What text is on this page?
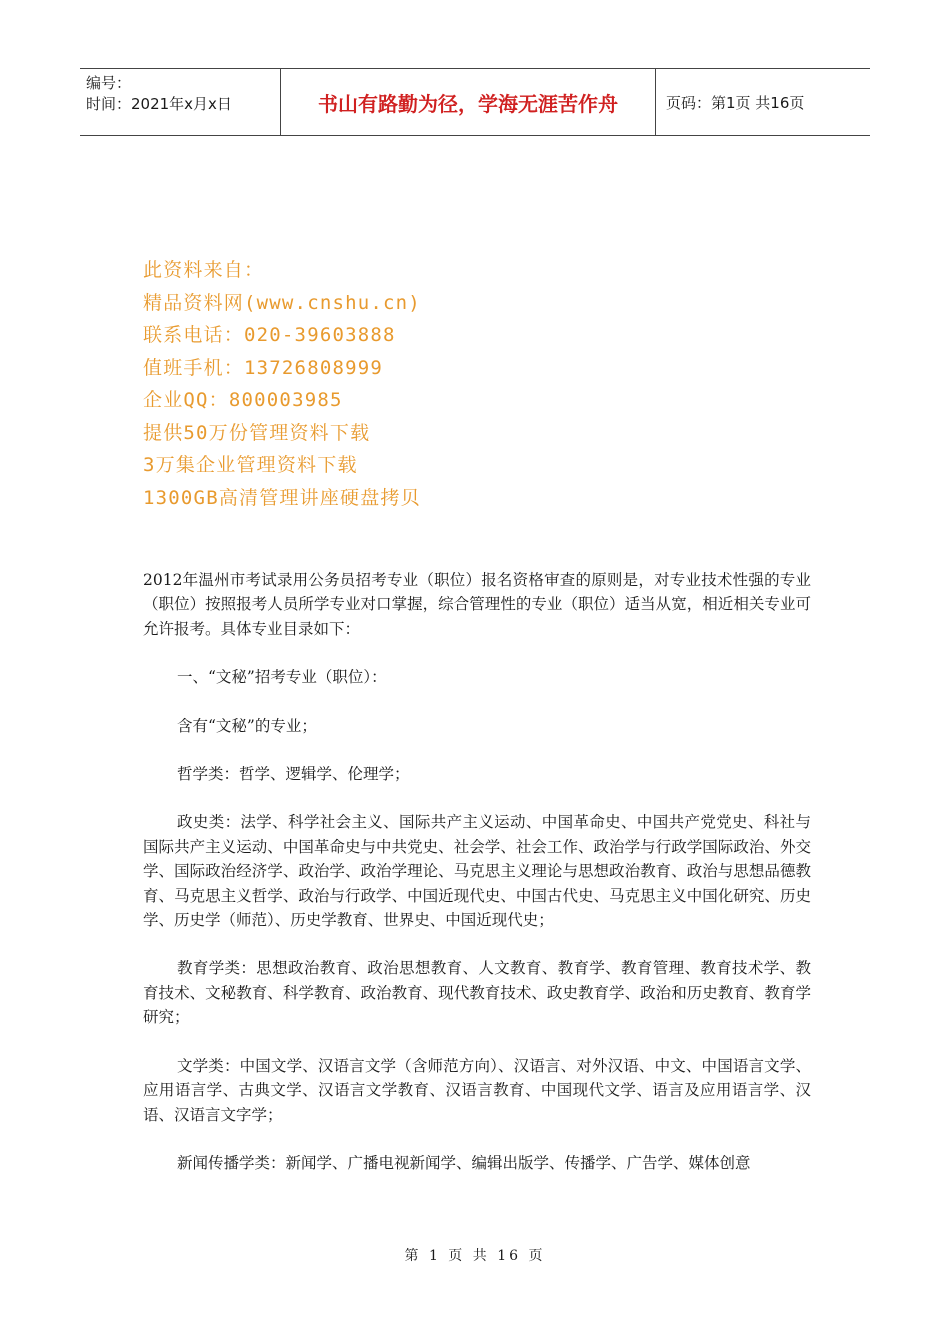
编号：
时间：2021年x月x日	书山有路勤为径，学海无涯苦作舟	页码：第1页 共16页
此资料来自：
精品资料网(www.cnshu.cn)
联系电话：020-39603888
值班手机：13726808999
企业QQ：800003985
提供50万份管理资料下载
3万集企业管理资料下载
1300GB高清管理讲座硬盘拷贝

2012年温州市考试录用公务员招考专业（职位）报名资格审查的原则是，对专业技术性强的专业（职位）按照报考人员所学专业对口掌握，综合管理性的专业（职位）适当从宽，相近相关专业可允许报考。具体专业目录如下：

一、“文秘”招考专业（职位）：

含有“文秘”的专业；

哲学类：哲学、逻辑学、伦理学；

政史类：法学、科学社会主义、国际共产主义运动、中国革命史、中国共产党党史、科社与国际共产主义运动、中国革命史与中共党史、社会学、社会工作、政治学与行政学国际政治、外交学、国际政治经济学、政治学、政治学理论、马克思主义理论与思想政治教育、政治与思想品德教育、马克思主义哲学、政治与行政学、中国近现代史、中国古代史、马克思主义中国化研究、历史学、历史学（师范）、历史学教育、世界史、中国近现代史；

教育学类：思想政治教育、政治思想教育、人文教育、教育学、教育管理、教育技术学、教育技术、文秘教育、科学教育、政治教育、现代教育技术、政史教育学、政治和历史教育、教育学研究；

文学类：中国文学、汉语言文学（含师范方向）、汉语言、对外汉语、中文、中国语言文学、应用语言学、古典文学、汉语言文学教育、汉语言教育、中国现代文学、语言及应用语言学、汉语、汉语言文字学；

新闻传播学类：新闻学、广播电视新闻学、编辑出版学、传播学、广告学、媒体创意

第 1 页 共 16 页
